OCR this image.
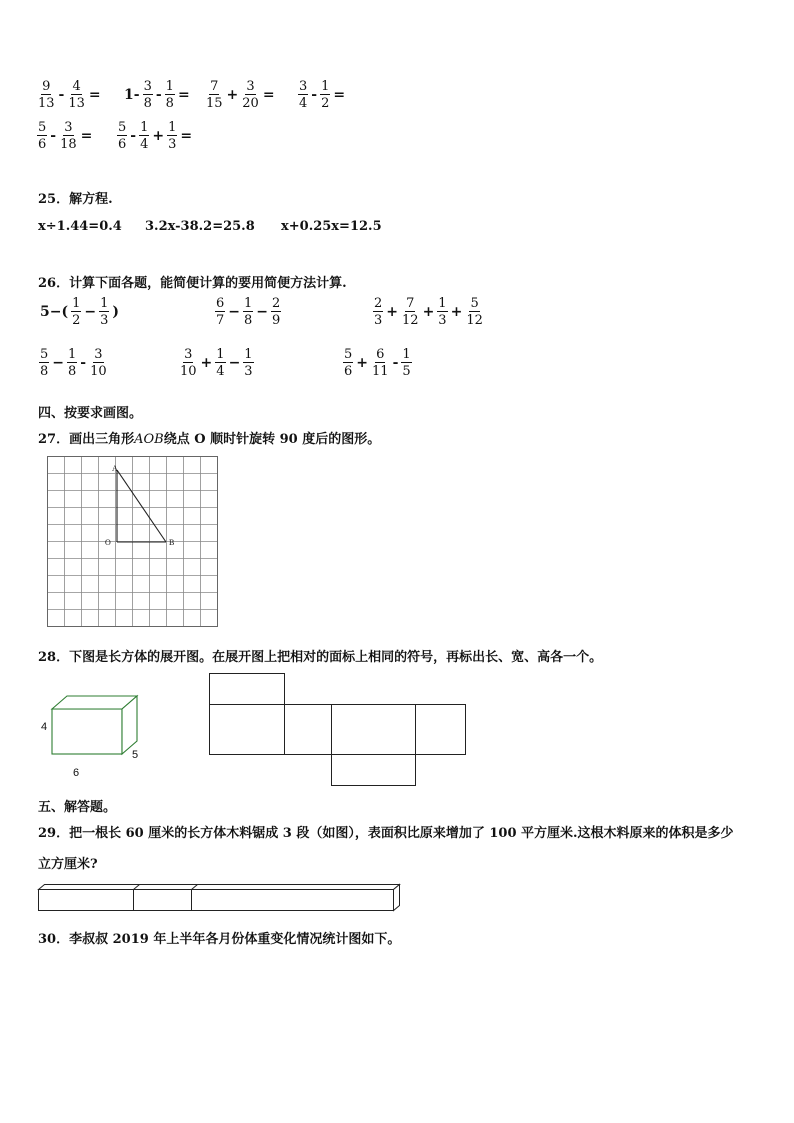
$\frac{9}{13} - \frac{4}{13} = 1- \frac{3}{8} - \frac{1}{8} = \frac{7}{15} + \frac{3}{20} = \frac{3}{4} - \frac{1}{2}$ =
$\frac{5}{6} - \frac{3}{18} = \frac{5}{6} - \frac{1}{4} + \frac{1}{3}$ =
25．解方程.
x÷1.44=0.4 3.2x-38.2=25.8 x+0.25x=12.5
26．计算下面各题，能简便计算的要用简便方法计算.
$5-( \frac{1}{2} - \frac{1}{3}$ )	$\frac{6}{7} - \frac{1}{8} - \frac{2}{9}$	$\frac{2}{3} + \frac{7}{12} + \frac{1}{3} + \frac{5}{12}$
$\frac{5}{8} - \frac{1}{8} - \frac{3}{10}$	$\frac{3}{10} + \frac{1}{4} - \frac{1}{3}$	$\frac{5}{6} + \frac{6}{11} - \frac{1}{5}$
四、按要求画图。
27．画出三角形AOB绕点 O 顺时针旋转 90 度后的图形。
A
O	B
28．下图是长方体的展开图。在展开图上把相对的面标上相同的符号，再标出长、宽、高各一个。
4
6
5
五、解答题。
29．把一根长 60 厘米的长方体木料锯成 3 段（如图），表面积比原来增加了 100 平方厘米.这根木料原来的体积是多少
立方厘米?
30．李叔叔 2019 年上半年各月份体重变化情况统计图如下。
